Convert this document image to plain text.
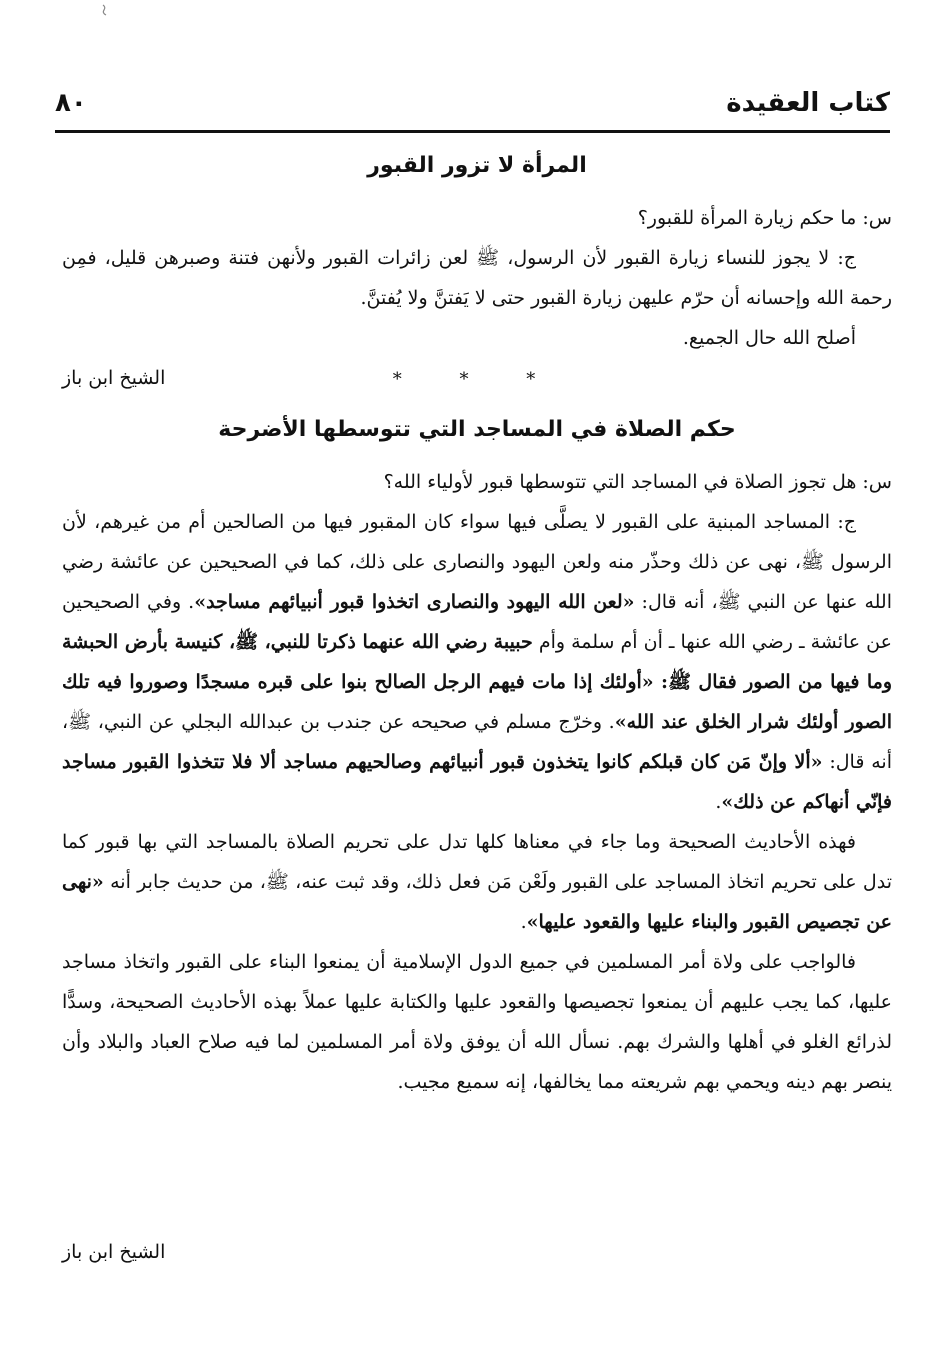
كتاب العقيدة
٨٠
المرأة لا تزور القبور

س: ما حكم زيارة المرأة للقبور؟

ج: لا يجوز للنساء زيارة القبور لأن الرسول، ﷺ لعن زائرات القبور ولأنهن فتنة وصبرهن قليل، فمِن رحمة الله وإحسانه أن حرّم عليهن زيارة القبور حتى لا يَفتنَّ ولا يُفتنَّ.

أصلح الله حال الجميع.

* * *
الشيخ ابن باز
حكم الصلاة في المساجد التي تتوسطها الأضرحة

س: هل تجوز الصلاة في المساجد التي تتوسطها قبور لأولياء الله؟

ج: المساجد المبنية على القبور لا يصلَّى فيها سواء كان المقبور فيها من الصالحين أم من غيرهم، لأن الرسول ﷺ، نهى عن ذلك وحذّر منه ولعن اليهود والنصارى على ذلك، كما في الصحيحين عن عائشة رضي الله عنها عن النبي ﷺ، أنه قال: «لعن الله اليهود والنصارى اتخذوا قبور أنبيائهم مساجد». وفي الصحيحين عن عائشة ـ رضي الله عنها ـ أن أم سلمة وأم حبيبة رضي الله عنهما ذكرتا للنبي، ﷺ، كنيسة بأرض الحبشة وما فيها من الصور فقال ﷺ: «أولئك إذا مات فيهم الرجل الصالح بنوا على قبره مسجدًا وصوروا فيه تلك الصور أولئك شرار الخلق عند الله». وخرّج مسلم في صحيحه عن جندب بن عبدالله البجلي عن النبي، ﷺ، أنه قال: «ألا وإنّ مَن كان قبلكم كانوا يتخذون قبور أنبيائهم وصالحيهم مساجد ألا فلا تتخذوا القبور مساجد فإنّي أنهاكم عن ذلك».

فهذه الأحاديث الصحيحة وما جاء في معناها كلها تدل على تحريم الصلاة بالمساجد التي بها قبور كما تدل على تحريم اتخاذ المساجد على القبور ولَعْن مَن فعل ذلك، وقد ثبت عنه، ﷺ، من حديث جابر أنه «نهى عن تجصيص القبور والبناء عليها والقعود عليها».

فالواجب على ولاة أمر المسلمين في جميع الدول الإسلامية أن يمنعوا البناء على القبور واتخاذ مساجد عليها، كما يجب عليهم أن يمنعوا تجصيصها والقعود عليها والكتابة عليها عملاً بهذه الأحاديث الصحيحة، وسدًّا لذرائع الغلو في أهلها والشرك بهم. نسأل الله أن يوفق ولاة أمر المسلمين لما فيه صلاح العباد والبلاد وأن ينصر بهم دينه ويحمي بهم شريعته مما يخالفها، إنه سميع مجيب.

الشيخ ابن باز
